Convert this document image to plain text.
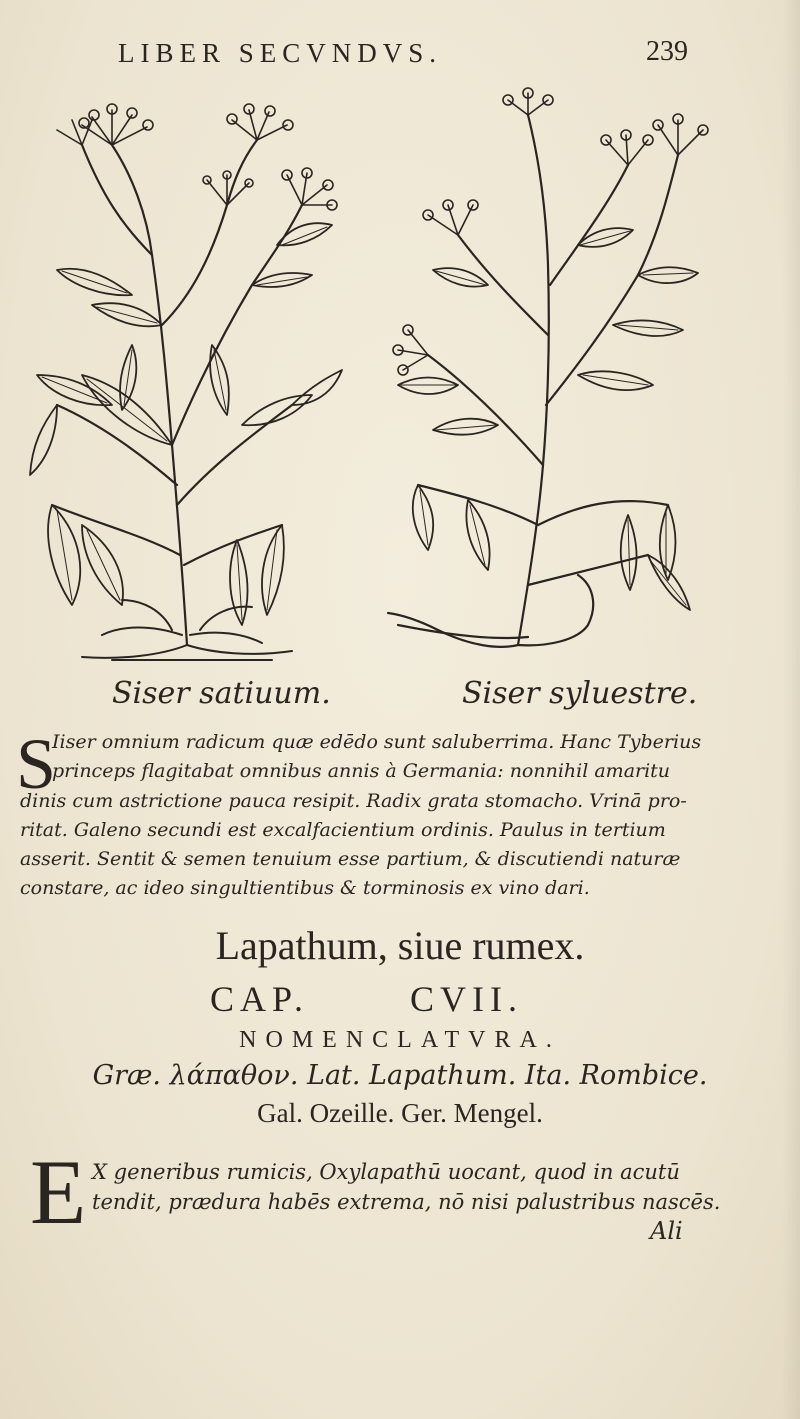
LIBER SECVNDVS.	239
Siser satiuum.	Siser syluestre.
S
Iiser omnium radicum quæ edēdo sunt saluberrima. Hanc Tyberius
princeps flagitabat omnibus annis à Germania: nonnihil amaritu
dinis cum astrictione pauca resipit. Radix grata stomacho. Vrinā pro-
ritat. Galeno secundi est excalfacientium ordinis. Paulus in tertium
asserit. Sentit & semen tenuium esse partium, & discutiendi naturæ
constare, ac ideo singultientibus & torminosis ex vino dari.
Lapathum, siue rumex.
CAP.	CVII.
NOMENCLATVRA.
Græ. λάπαθον. Lat. Lapathum. Ita. Rombice.
Gal. Ozeille. Ger. Mengel.
E X generibus rumicis, Oxylapathū uocant, quod in acutū
tendit, prædura habēs extrema, nō nisi palustribus nascēs.
Ali
